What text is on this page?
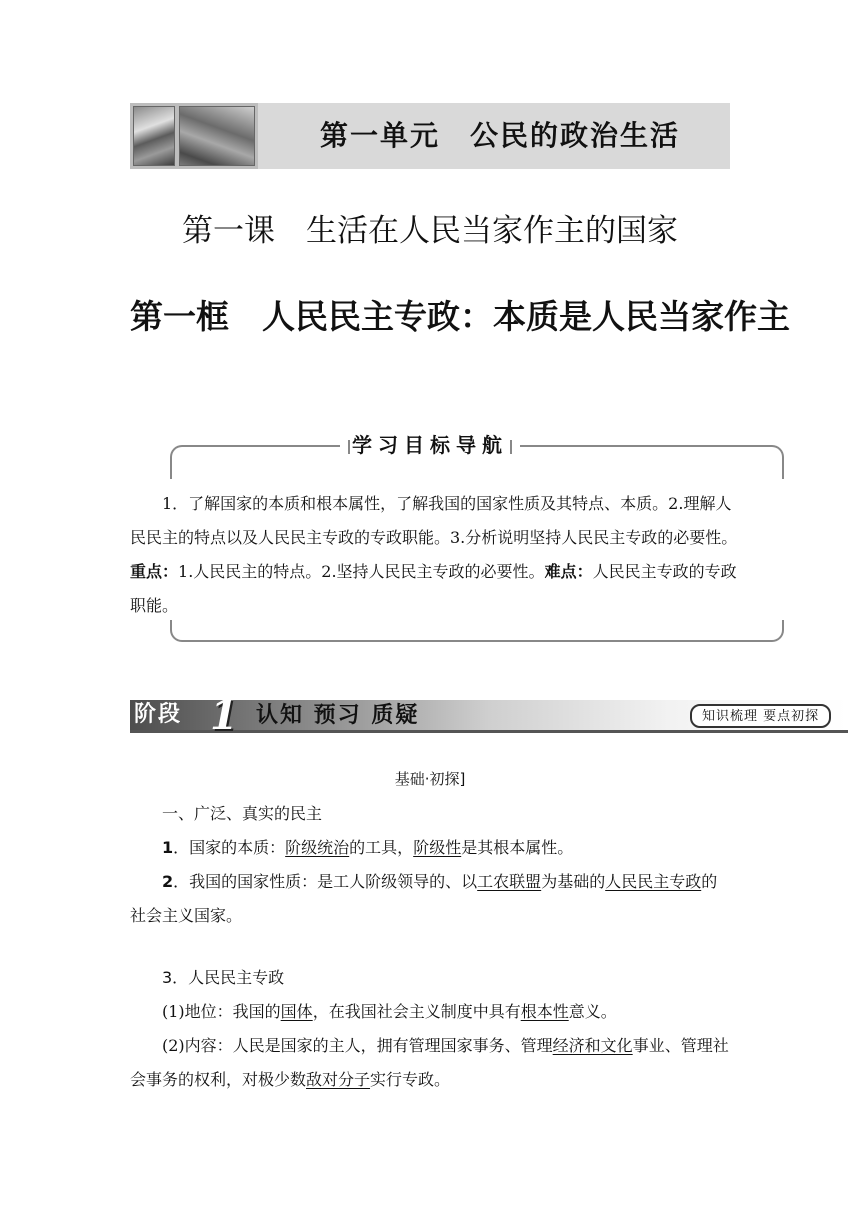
第一单元　公民的政治生活
第一课　生活在人民当家作主的国家
第一框　人民民主专政：本质是人民当家作主
学习目标导航
1．了解国家的本质和根本属性，了解我国的国家性质及其特点、本质。2.理解人民民主的特点以及人民民主专政的专政职能。3.分析说明坚持人民民主专政的必要性。重点：1.人民民主的特点。2.坚持人民民主专政的必要性。难点：人民民主专政的专政职能。
阶段 1 认知 预习 质疑	知识梳理 要点初探
基础·初探]
一、广泛、真实的民主
1．国家的本质：阶级统治的工具，阶级性是其根本属性。
2．我国的国家性质：是工人阶级领导的、以工农联盟为基础的人民民主专政的社会主义国家。
3．人民民主专政
(1)地位：我国的国体，在我国社会主义制度中具有根本性意义。
(2)内容：人民是国家的主人，拥有管理国家事务、管理经济和文化事业、管理社会事务的权利，对极少数敌对分子实行专政。
